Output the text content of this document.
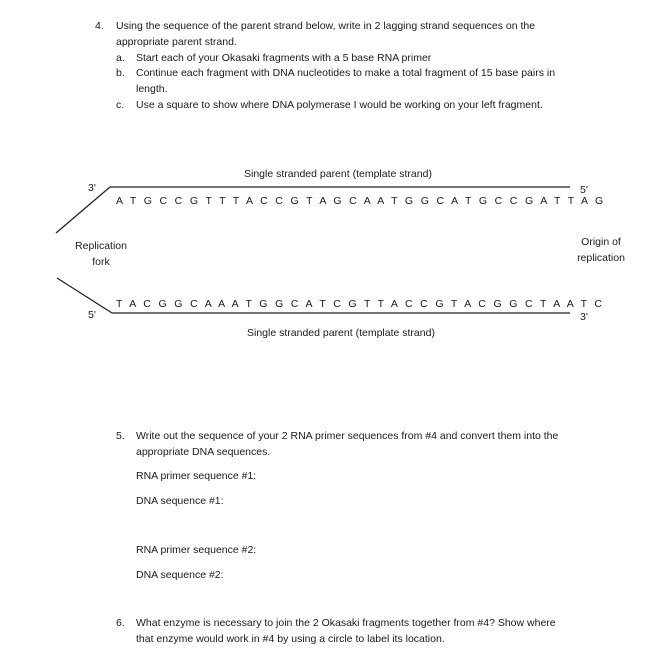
4. Using the sequence of the parent strand below, write in 2 lagging strand sequences on the
appropriate parent strand.
a. Start each of your Okasaki fragments with a 5 base RNA primer
b. Continue each fragment with DNA nucleotides to make a total fragment of 15 base pairs in
length.
c. Use a square to show where DNA polymerase I would be working on your left fragment.
Single stranded parent (template strand)
3'	5'
A T G C C G T T T A C C G T A G C A A T G G C A T G C C G A T T A G
Replication
fork
Origin of
replication
T A C G G C A A A T G G C A T C G T T A C C G T A C G G C T A A T C
5'	3'
Single stranded parent (template strand)
5. Write out the sequence of your 2 RNA primer sequences from #4 and convert them into the
appropriate DNA sequences.
RNA primer sequence #1:
DNA sequence #1:
RNA primer sequence #2:
DNA sequence #2:
6. What enzyme is necessary to join the 2 Okasaki fragments together from #4? Show where
that enzyme would work in #4 by using a circle to label its location.
